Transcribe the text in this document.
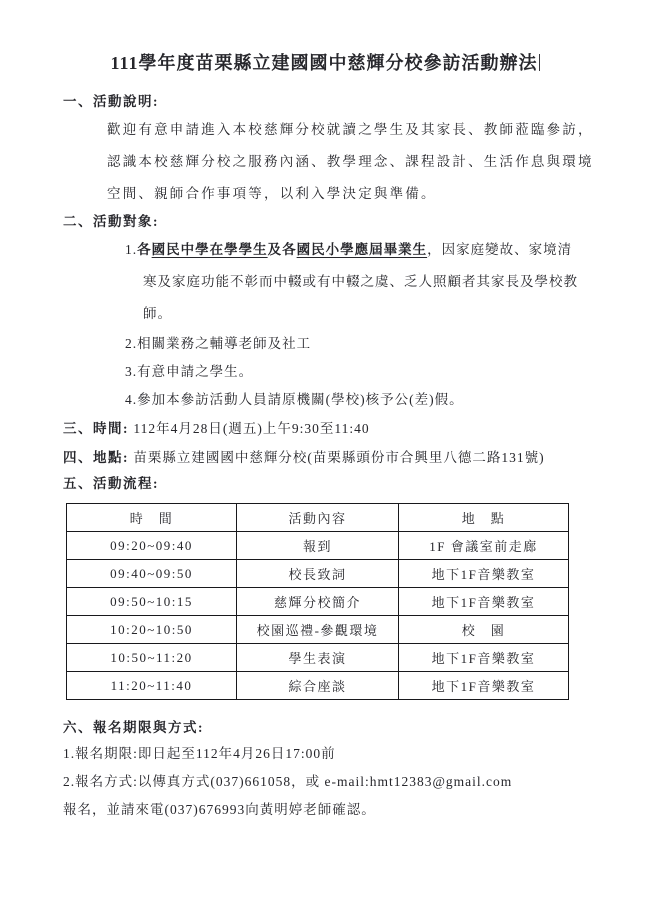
111學年度苗栗縣立建國國中慈輝分校參訪活動辦法

一、活動說明:

歡迎有意申請進入本校慈輝分校就讀之學生及其家長、教師蒞臨參訪，
認識本校慈輝分校之服務內涵、教學理念、課程設計、生活作息與環境
空間、親師合作事項等，以利入學決定與準備。

二、活動對象:

1.各國民中學在學學生及各國民小學應屆畢業生，因家庭變故、家境清
寒及家庭功能不彰而中輟或有中輟之虞、乏人照顧者其家長及學校教
師。
2.相關業務之輔導老師及社工
3.有意申請之學生。
4.參加本參訪活動人員請原機關(學校)核予公(差)假。

三、時間: 112年4月28日(週五)上午9:30至11:40

四、地點: 苗栗縣立建國國中慈輝分校(苗栗縣頭份市合興里八德二路131號)

五、活動流程:

時　間	活動內容	地　點
09:20~09:40	報到	1F 會議室前走廊
09:40~09:50	校長致詞	地下1F音樂教室
09:50~10:15	慈輝分校簡介	地下1F音樂教室
10:20~10:50	校園巡禮-參觀環境	校　園
10:50~11:20	學生表演	地下1F音樂教室
11:20~11:40	綜合座談	地下1F音樂教室

六、報名期限與方式:

1.報名期限:即日起至112年4月26日17:00前
2.報名方式:以傳真方式(037)661058，或 e-mail:hmt12383@gmail.com
報名，並請來電(037)676993向黃明婷老師確認。
